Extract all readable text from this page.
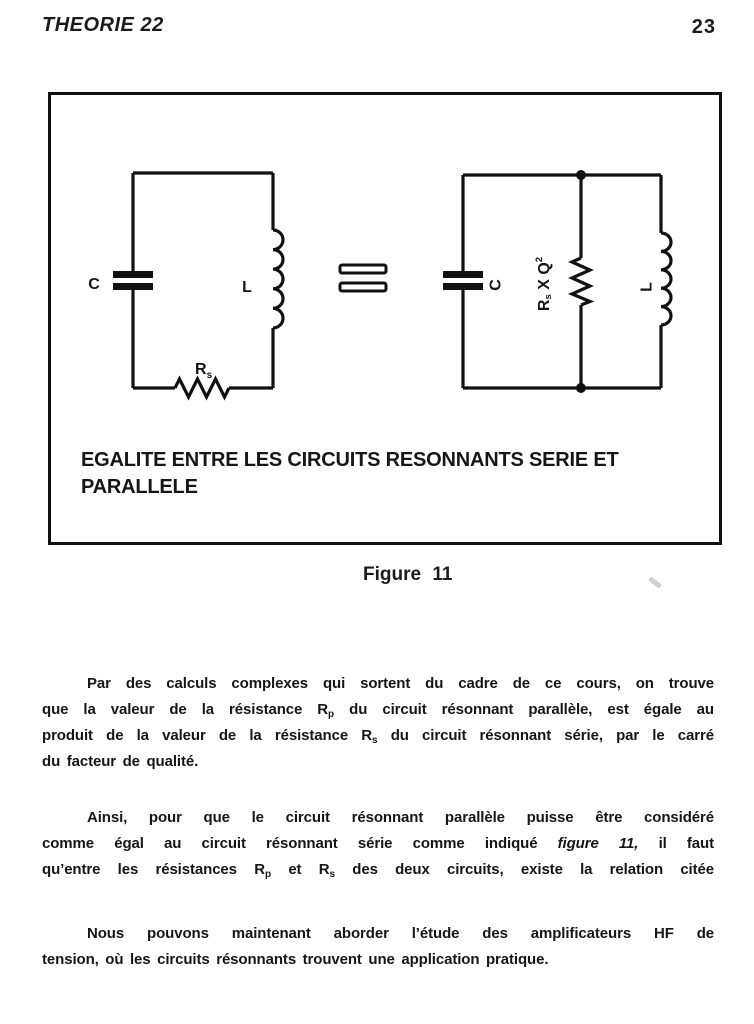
THEORIE 22	23
C	L
$R_s$
C
$R_s$ X $Q^2$
L
EGALITE ENTRE LES CIRCUITS RESONNANTS SERIE ET
PARALLELE
Figure 11
Par des calculs complexes qui sortent du cadre de ce cours, on trouve
que la valeur de la résistance $R_p$ du circuit résonnant parallèle, est égale au
produit de la valeur de la résistance $R_s$ du circuit résonnant série, par le carré
du facteur de qualité.
Ainsi, pour que le circuit résonnant parallèle puisse être considéré
comme égal au circuit résonnant série comme indiqué figure 11, il faut
qu’entre les résistances $R_p$ et $R_s$ des deux circuits, existe la relation citée
Nous pouvons maintenant aborder l’étude des amplificateurs HF de
tension, où les circuits résonnants trouvent une application pratique.
